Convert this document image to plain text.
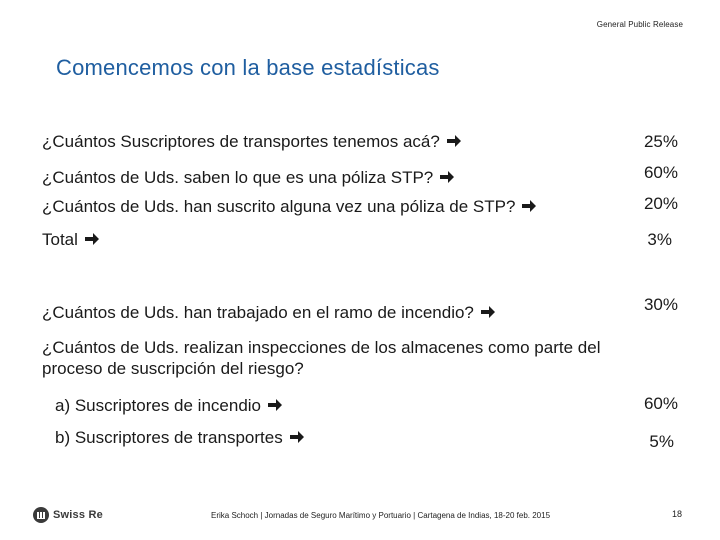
General Public Release
Comencemos con la base estadísticas
¿Cuántos Suscriptores de transportes tenemos acá?	25%
¿Cuántos de Uds. saben lo que es una póliza STP?	60%
¿Cuántos de Uds. han suscrito alguna vez una póliza de STP?	20%
Total	3%
¿Cuántos de Uds. han trabajado en el ramo de incendio?	30%
¿Cuántos de Uds. realizan inspecciones de los almacenes como parte del proceso de suscripción del riesgo?
a) Suscriptores de incendio	60%
b) Suscriptores de transportes	5%
Swiss Re	Erika Schoch | Jornadas de Seguro Marítimo y Portuario | Cartagena de Indias, 18-20 feb. 2015	18
